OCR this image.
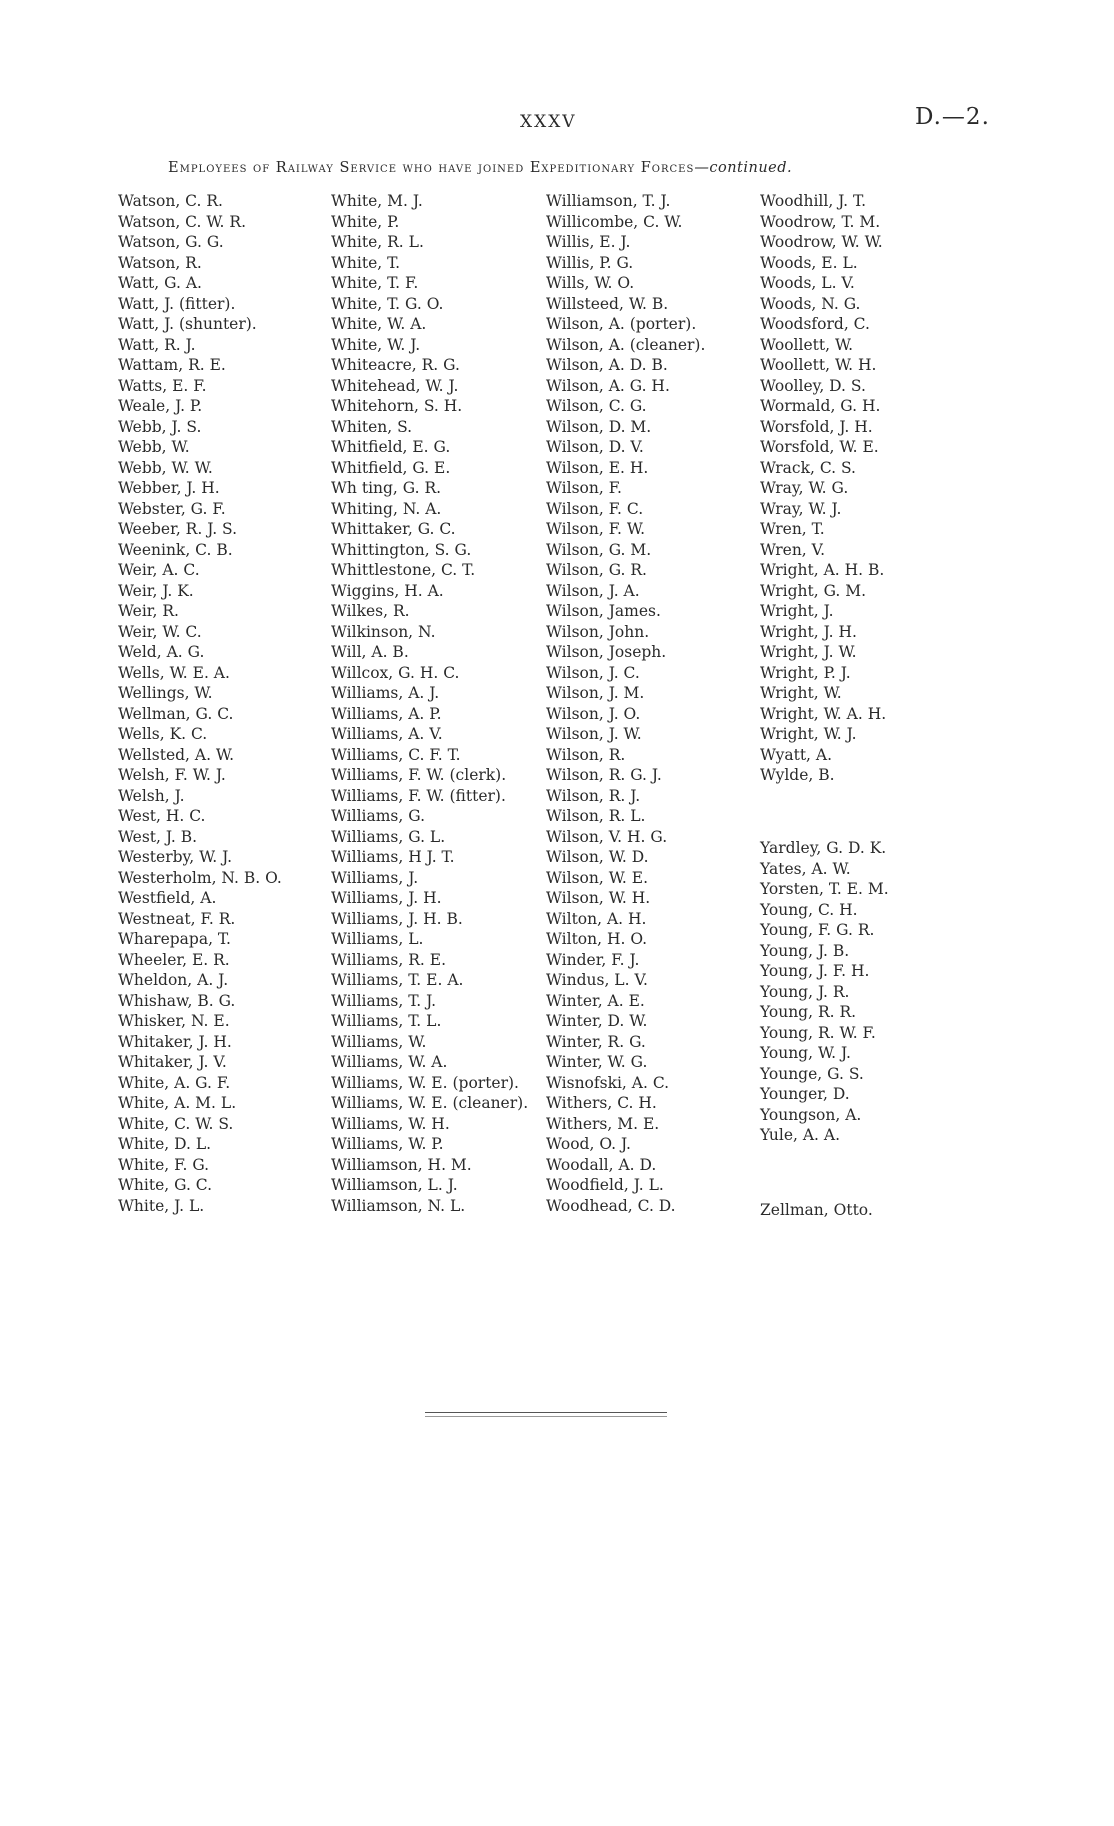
XXXV	D.—2.
Employees of Railway Service who have joined Expeditionary Forces—continued.
Watson, C. R.
Watson, C. W. R.
Watson, G. G.
Watson, R.
Watt, G. A.
Watt, J. (fitter).
Watt, J. (shunter).
Watt, R. J.
Wattam, R. E.
Watts, E. F.
Weale, J. P.
Webb, J. S.
Webb, W.
Webb, W. W.
Webber, J. H.
Webster, G. F.
Weeber, R. J. S.
Weenink, C. B.
Weir, A. C.
Weir, J. K.
Weir, R.
Weir, W. C.
Weld, A. G.
Wells, W. E. A.
Wellings, W.
Wellman, G. C.
Wells, K. C.
Wellsted, A. W.
Welsh, F. W. J.
Welsh, J.
West, H. C.
West, J. B.
Westerby, W. J.
Westerholm, N. B. O.
Westfield, A.
Westneat, F. R.
Wharepapa, T.
Wheeler, E. R.
Wheldon, A. J.
Whishaw, B. G.
Whisker, N. E.
Whitaker, J. H.
Whitaker, J. V.
White, A. G. F.
White, A. M. L.
White, C. W. S.
White, D. L.
White, F. G.
White, G. C.
White, J. L.
White, M. J.
White, P.
White, R. L.
White, T.
White, T. F.
White, T. G. O.
White, W. A.
White, W. J.
Whiteacre, R. G.
Whitehead, W. J.
Whitehorn, S. H.
Whiten, S.
Whitfield, E. G.
Whitfield, G. E.
Wh ting, G. R.
Whiting, N. A.
Whittaker, G. C.
Whittington, S. G.
Whittlestone, C. T.
Wiggins, H. A.
Wilkes, R.
Wilkinson, N.
Will, A. B.
Willcox, G. H. C.
Williams, A. J.
Williams, A. P.
Williams, A. V.
Williams, C. F. T.
Williams, F. W. (clerk).
Williams, F. W. (fitter).
Williams, G.
Williams, G. L.
Williams, H J. T.
Williams, J.
Williams, J. H.
Williams, J. H. B.
Williams, L.
Williams, R. E.
Williams, T. E. A.
Williams, T. J.
Williams, T. L.
Williams, W.
Williams, W. A.
Williams, W. E. (porter).
Williams, W. E. (cleaner).
Williams, W. H.
Williams, W. P.
Williamson, H. M.
Williamson, L. J.
Williamson, N. L.
Williamson, T. J.
Willicombe, C. W.
Willis, E. J.
Willis, P. G.
Wills, W. O.
Willsteed, W. B.
Wilson, A. (porter).
Wilson, A. (cleaner).
Wilson, A. D. B.
Wilson, A. G. H.
Wilson, C. G.
Wilson, D. M.
Wilson, D. V.
Wilson, E. H.
Wilson, F.
Wilson, F. C.
Wilson, F. W.
Wilson, G. M.
Wilson, G. R.
Wilson, J. A.
Wilson, James.
Wilson, John.
Wilson, Joseph.
Wilson, J. C.
Wilson, J. M.
Wilson, J. O.
Wilson, J. W.
Wilson, R.
Wilson, R. G. J.
Wilson, R. J.
Wilson, R. L.
Wilson, V. H. G.
Wilson, W. D.
Wilson, W. E.
Wilson, W. H.
Wilton, A. H.
Wilton, H. O.
Winder, F. J.
Windus, L. V.
Winter, A. E.
Winter, D. W.
Winter, R. G.
Winter, W. G.
Wisnofski, A. C.
Withers, C. H.
Withers, M. E.
Wood, O. J.
Woodall, A. D.
Woodfield, J. L.
Woodhead, C. D.
Woodhill, J. T.
Woodrow, T. M.
Woodrow, W. W.
Woods, E. L.
Woods, L. V.
Woods, N. G.
Woodsford, C.
Woollett, W.
Woollett, W. H.
Woolley, D. S.
Wormald, G. H.
Worsfold, J. H.
Worsfold, W. E.
Wrack, C. S.
Wray, W. G.
Wray, W. J.
Wren, T.
Wren, V.
Wright, A. H. B.
Wright, G. M.
Wright, J.
Wright, J. H.
Wright, J. W.
Wright, P. J.
Wright, W.
Wright, W. A. H.
Wright, W. J.
Wyatt, A.
Wylde, B.
Yardley, G. D. K.
Yates, A. W.
Yorsten, T. E. M.
Young, C. H.
Young, F. G. R.
Young, J. B.
Young, J. F. H.
Young, J. R.
Young, R. R.
Young, R. W. F.
Young, W. J.
Younge, G. S.
Younger, D.
Youngson, A.
Yule, A. A.
Zellman, Otto.
